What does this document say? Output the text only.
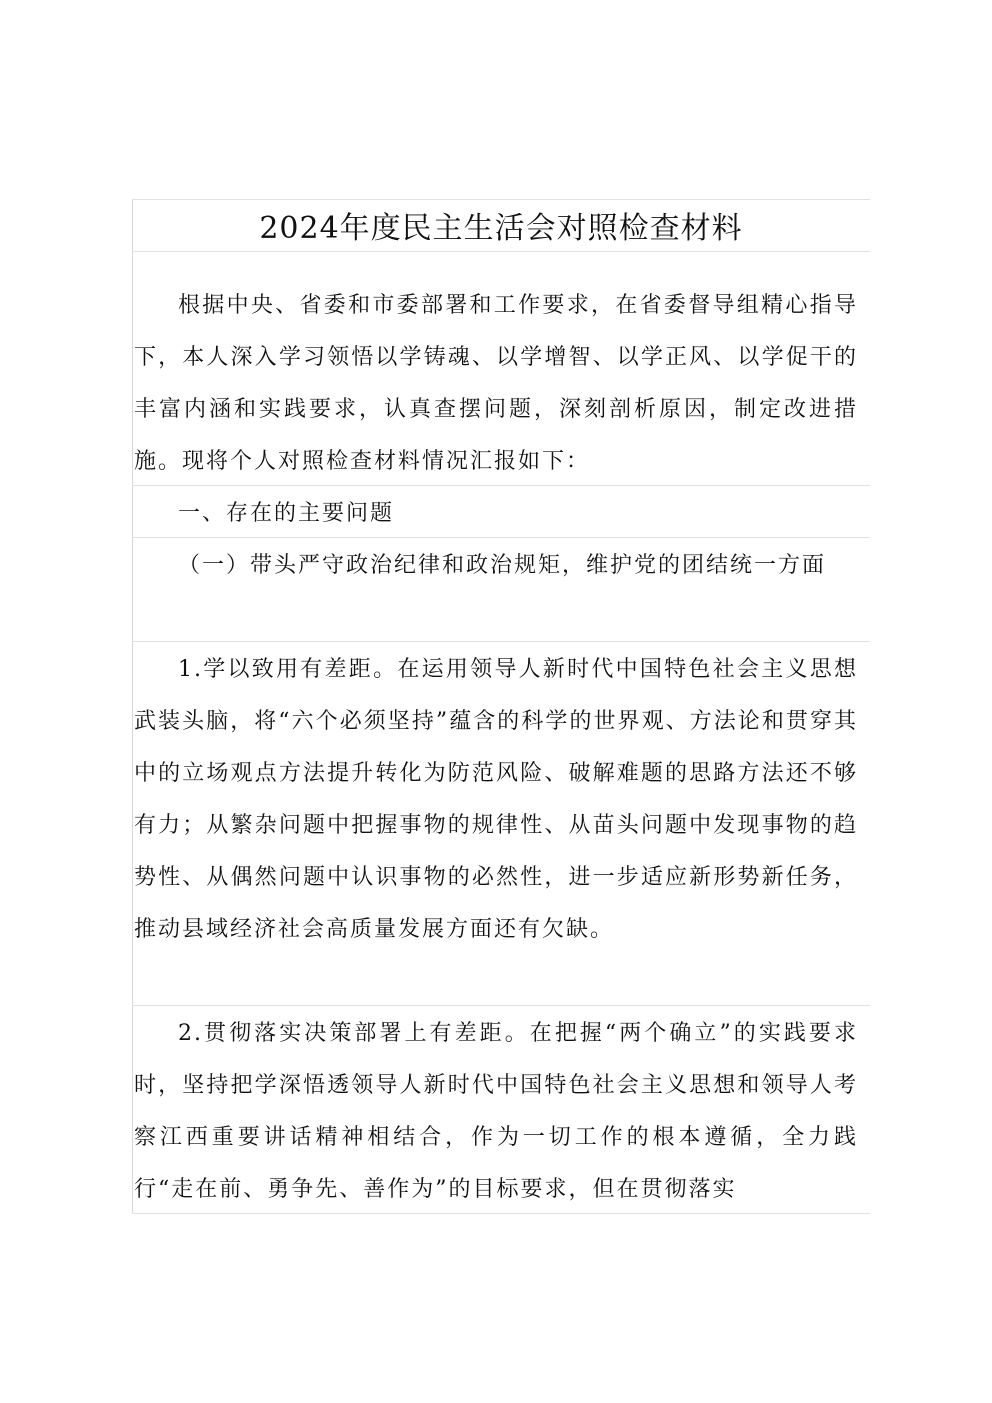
2024年度民主生活会对照检查材料

根据中央、省委和市委部署和工作要求，在省委督导组精心指导下，本人深入学习领悟以学铸魂、以学增智、以学正风、以学促干的丰富内涵和实践要求，认真查摆问题，深刻剖析原因，制定改进措施。现将个人对照检查材料情况汇报如下：

一、存在的主要问题

（一）带头严守政治纪律和政治规矩，维护党的团结统一方面

1.学以致用有差距。在运用领导人新时代中国特色社会主义思想武装头脑，将“六个必须坚持”蕴含的科学的世界观、方法论和贯穿其中的立场观点方法提升转化为防范风险、破解难题的思路方法还不够有力；从繁杂问题中把握事物的规律性、从苗头问题中发现事物的趋势性、从偶然问题中认识事物的必然性，进一步适应新形势新任务，推动县域经济社会高质量发展方面还有欠缺。

2.贯彻落实决策部署上有差距。在把握“两个确立”的实践要求时，坚持把学深悟透领导人新时代中国特色社会主义思想和领导人考察江西重要讲话精神相结合，作为一切工作的根本遵循，全力践行“走在前、勇争先、善作为”的目标要求，但在贯彻落实
